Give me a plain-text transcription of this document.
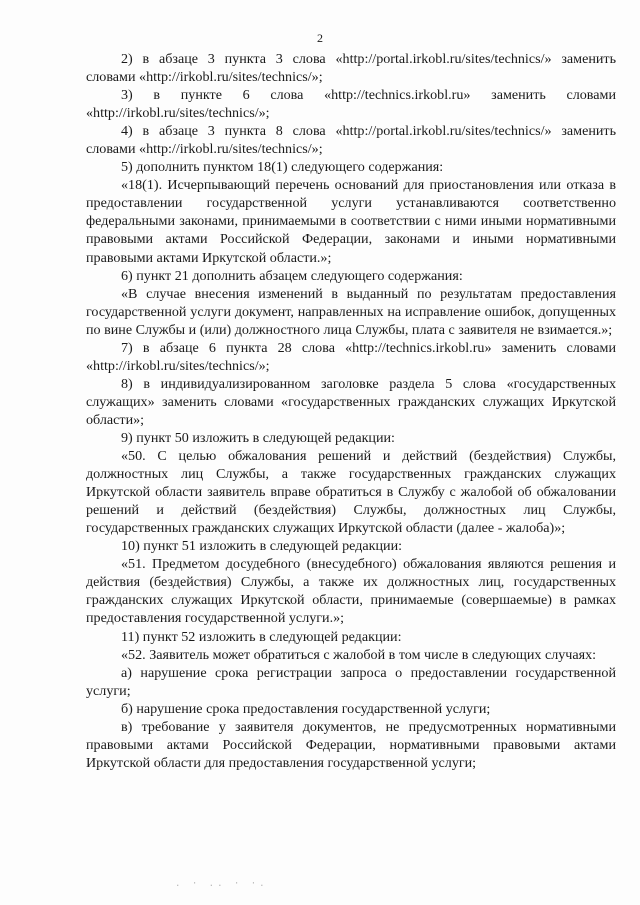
2

2) в абзаце 3 пункта 3 слова «http://portal.irkobl.ru/sites/technics/» заменить словами «http://irkobl.ru/sites/technics/»;

3) в пункте 6 слова «http://technics.irkobl.ru» заменить словами «http://irkobl.ru/sites/technics/»;

4) в абзаце 3 пункта 8 слова «http://portal.irkobl.ru/sites/technics/» заменить словами «http://irkobl.ru/sites/technics/»;

5) дополнить пунктом 18(1) следующего содержания:

«18(1). Исчерпывающий перечень оснований для приостановления или отказа в предоставлении государственной услуги устанавливаются соответственно федеральными законами, принимаемыми в соответствии с ними иными нормативными правовыми актами Российской Федерации, законами и иными нормативными правовыми актами Иркутской области.»;

6) пункт 21 дополнить абзацем следующего содержания:

«В случае внесения изменений в выданный по результатам предоставления государственной услуги документ, направленных на исправление ошибок, допущенных по вине Службы и (или) должностного лица Службы, плата с заявителя не взимается.»;

7) в абзаце 6 пункта 28 слова «http://technics.irkobl.ru» заменить словами «http://irkobl.ru/sites/technics/»;

8) в индивидуализированном заголовке раздела 5 слова «государственных служащих» заменить словами «государственных гражданских служащих Иркутской области»;

9) пункт 50 изложить в следующей редакции:

«50. С целью обжалования решений и действий (бездействия) Службы, должностных лиц Службы, а также государственных гражданских служащих Иркутской области заявитель вправе обратиться в Службу с жалобой об обжаловании решений и действий (бездействия) Службы, должностных лиц Службы, государственных гражданских служащих Иркутской области (далее - жалоба)»;

10) пункт 51 изложить в следующей редакции:

«51. Предметом досудебного (внесудебного) обжалования являются решения и действия (бездействия) Службы, а также их должностных лиц, государственных гражданских служащих Иркутской области, принимаемые (совершаемые) в рамках предоставления государственной услуги.»;

11) пункт 52 изложить в следующей редакции:

«52. Заявитель может обратиться с жалобой в том числе в следующих случаях:

а) нарушение срока регистрации запроса о предоставлении государственной услуги;

б) нарушение срока предоставления государственной услуги;

в) требование у заявителя документов, не предусмотренных нормативными правовыми актами Российской Федерации, нормативными правовыми актами Иркутской области для предоставления государственной услуги;

. · .. · ·.
